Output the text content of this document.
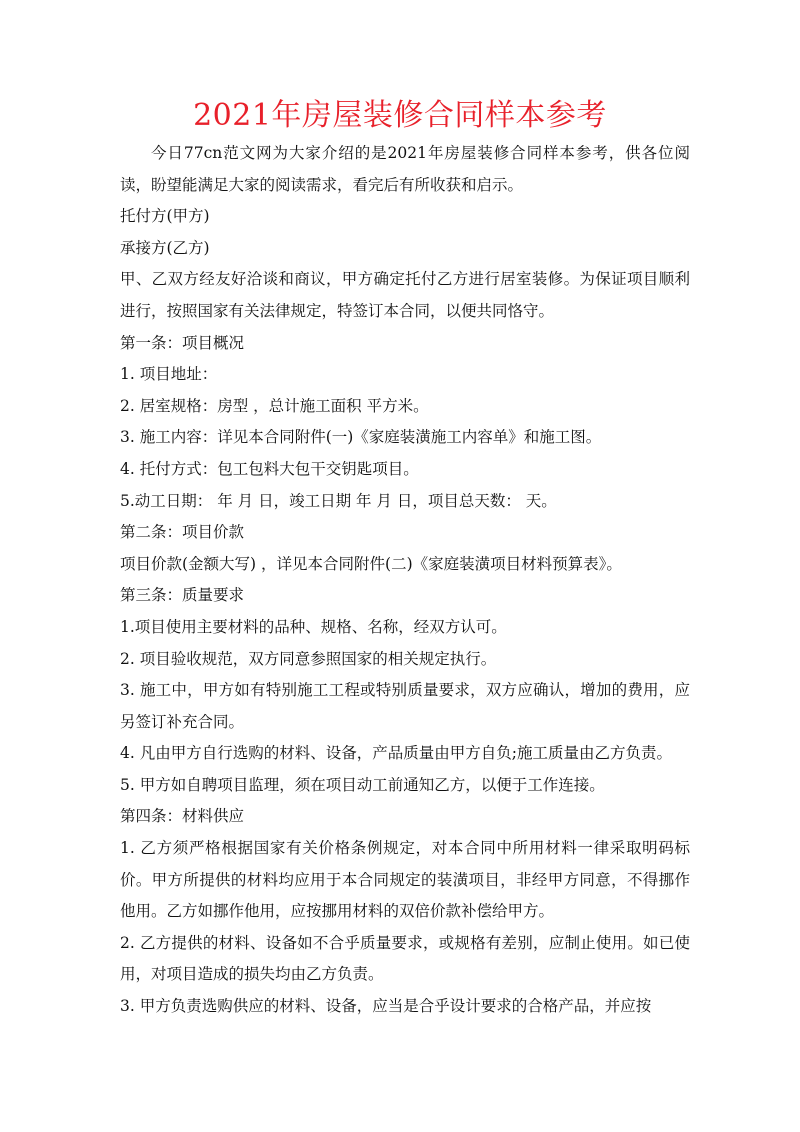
2021年房屋装修合同样本参考

今日77cn范文网为大家介绍的是2021年房屋装修合同样本参考，供各位阅读，盼望能满足大家的阅读需求，看完后有所收获和启示。

托付方(甲方)

承接方(乙方)

甲、乙双方经友好洽谈和商议，甲方确定托付乙方进行居室装修。为保证项目顺利进行，按照国家有关法律规定，特签订本合同，以便共同恪守。

第一条：项目概况

1. 项目地址：

2. 居室规格：房型 ，总计施工面积 平方米。

3. 施工内容：详见本合同附件(一)《家庭装潢施工内容单》和施工图。

4. 托付方式：包工包料大包干交钥匙项目。

5.动工日期： 年 月 日，竣工日期 年 月 日，项目总天数： 天。

第二条：项目价款

项目价款(金额大写) ，详见本合同附件(二)《家庭装潢项目材料预算表》。

第三条：质量要求

1.项目使用主要材料的品种、规格、名称，经双方认可。

2. 项目验收规范，双方同意参照国家的相关规定执行。

3. 施工中，甲方如有特别施工工程或特别质量要求，双方应确认，增加的费用，应另签订补充合同。

4. 凡由甲方自行选购的材料、设备，产品质量由甲方自负;施工质量由乙方负责。

5. 甲方如自聘项目监理，须在项目动工前通知乙方，以便于工作连接。

第四条：材料供应

1. 乙方须严格根据国家有关价格条例规定，对本合同中所用材料一律采取明码标价。甲方所提供的材料均应用于本合同规定的装潢项目，非经甲方同意，不得挪作他用。乙方如挪作他用，应按挪用材料的双倍价款补偿给甲方。

2. 乙方提供的材料、设备如不合乎质量要求，或规格有差别，应制止使用。如已使用，对项目造成的损失均由乙方负责。

3. 甲方负责选购供应的材料、设备，应当是合乎设计要求的合格产品，并应按
